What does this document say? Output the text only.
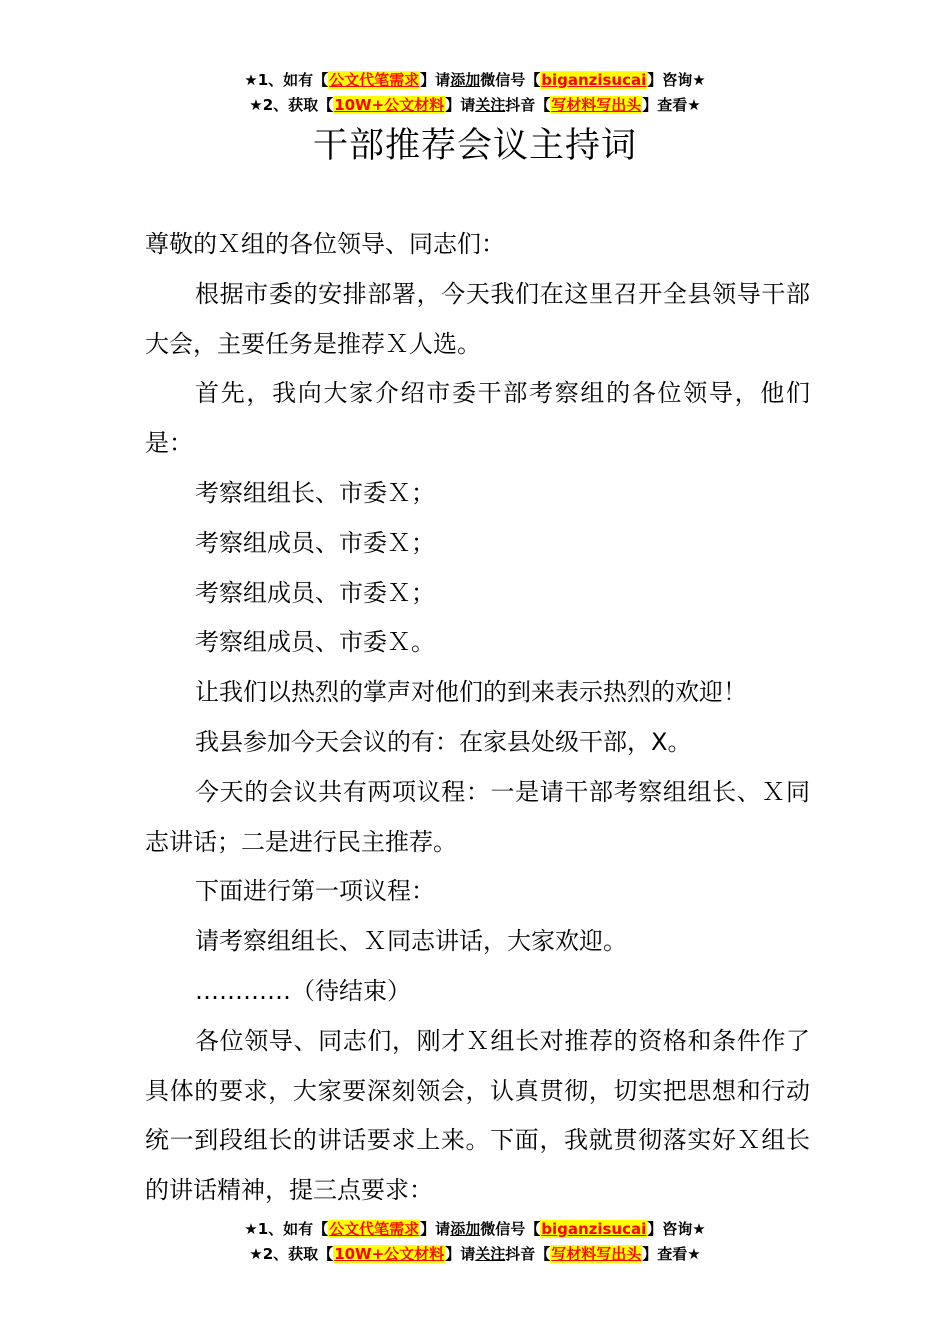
★1、如有【公文代笔需求】请添加微信号【biganzisucai】咨询★
★2、获取【10W+公文材料】请关注抖音【写材料写出头】查看★
干部推荐会议主持词

尊敬的Ｘ组的各位领导、同志们：

根据市委的安排部署，今天我们在这里召开全县领导干部大会，主要任务是推荐Ｘ人选。

首先，我向大家介绍市委干部考察组的各位领导，他们是：

考察组组长、市委Ｘ；

考察组成员、市委Ｘ；

考察组成员、市委Ｘ；

考察组成员、市委Ｘ。

让我们以热烈的掌声对他们的到来表示热烈的欢迎！

我县参加今天会议的有：在家县处级干部，X。

今天的会议共有两项议程：一是请干部考察组组长、Ｘ同志讲话；二是进行民主推荐。

下面进行第一项议程：

请考察组组长、Ｘ同志讲话，大家欢迎。

…………（待结束）

各位领导、同志们，刚才Ｘ组长对推荐的资格和条件作了具体的要求，大家要深刻领会，认真贯彻，切实把思想和行动统一到段组长的讲话要求上来。下面，我就贯彻落实好Ｘ组长的讲话精神，提三点要求：

★1、如有【公文代笔需求】请添加微信号【biganzisucai】咨询★
★2、获取【10W+公文材料】请关注抖音【写材料写出头】查看★
